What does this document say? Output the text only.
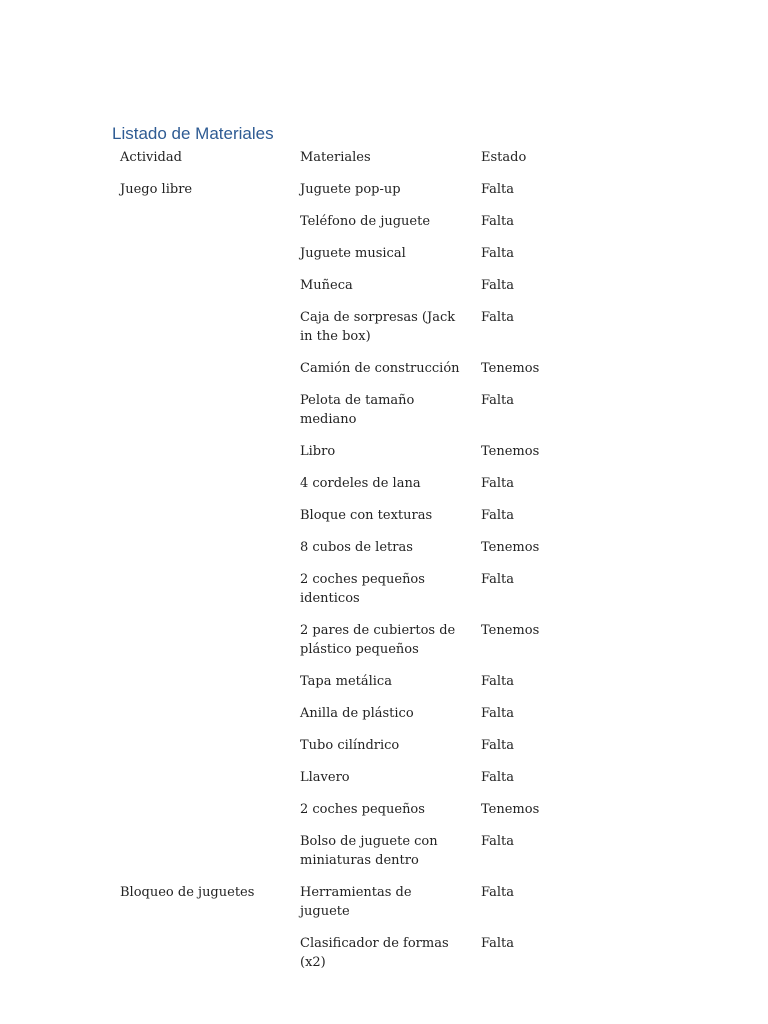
Listado de Materiales
Actividad	Materiales	Estado
Juego libre	Juguete pop-up	Falta
	Teléfono de juguete	Falta
	Juguete musical	Falta
	Muñeca	Falta
	Caja de sorpresas (Jack in the box)	Falta
	Camión de construcción	Tenemos
	Pelota de tamaño mediano	Falta
	Libro	Tenemos
	4 cordeles de lana	Falta
	Bloque con texturas	Falta
	8 cubos de letras	Tenemos
	2 coches pequeños identicos	Falta
	2 pares de cubiertos de plástico pequeños	Tenemos
	Tapa metálica	Falta
	Anilla de plástico	Falta
	Tubo cilíndrico	Falta
	Llavero	Falta
	2 coches pequeños	Tenemos
	Bolso de juguete con miniaturas dentro	Falta
Bloqueo de juguetes	Herramientas de juguete	Falta
	Clasificador de formas (x2)	Falta
